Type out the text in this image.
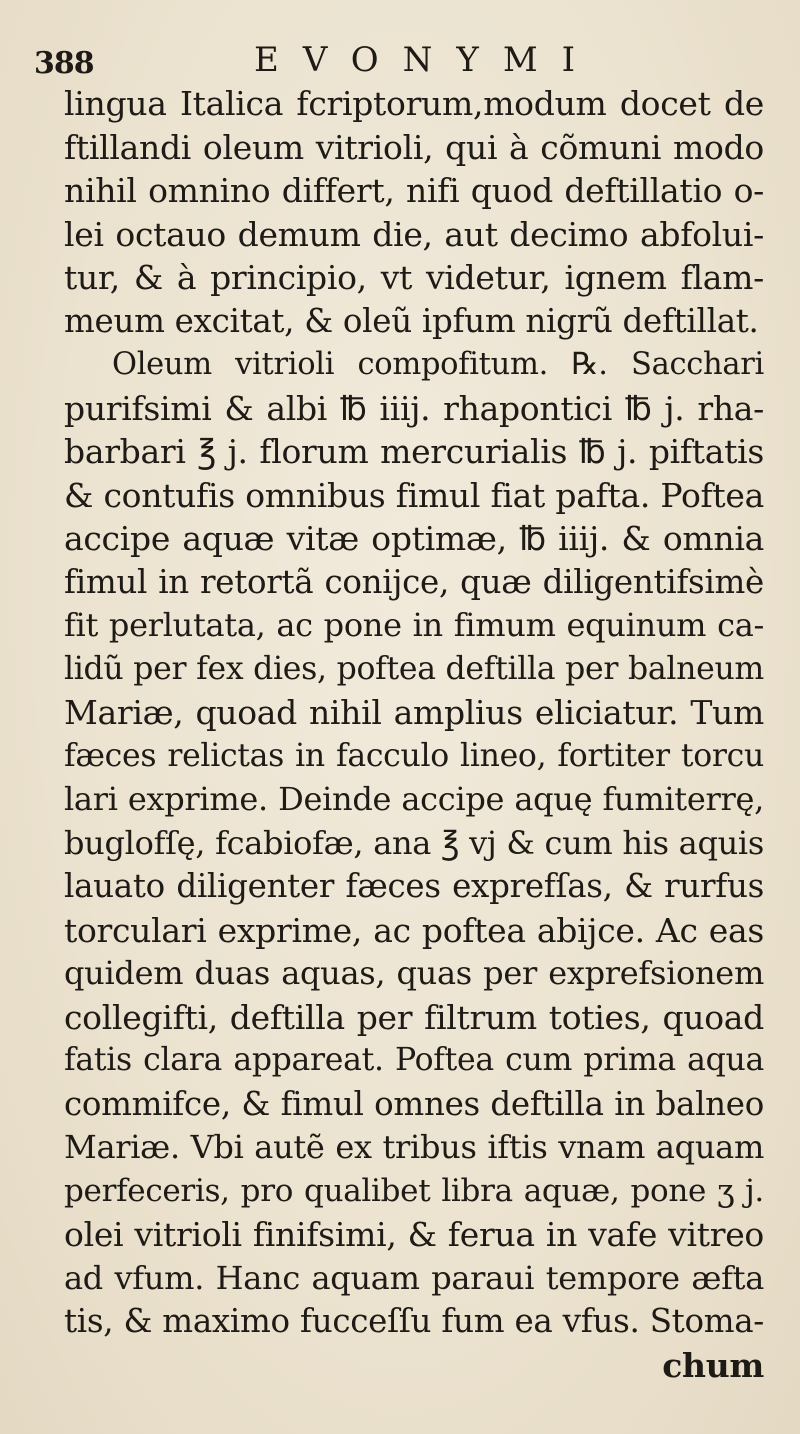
388	EVONYMI
lingua Italica fcriptorum,modum docet de
ftillandi oleum vitrioli, qui à cõmuni modo
nihil omnino differt, nifi quod deftillatio o-
lei octauo demum die, aut decimo abfolui-
tur, & à principio, vt videtur, ignem flam-
meum excitat, & oleũ ipfum nigrũ deftillat.
Oleum vitrioli compofitum. ℞. Sacchari
purifsimi & albi ℔ iiij. rhapontici ℔ j. rha-
barbari ℥ j. florum mercurialis ℔ j. piftatis
& contufis omnibus fimul fiat pafta. Poftea
accipe aquæ vitæ optimæ, ℔ iiij. & omnia
fimul in retortã conijce, quæ diligentifsimè
fit perlutata, ac pone in fimum equinum ca-
lidũ per fex dies, poftea deftilla per balneum
Mariæ, quoad nihil amplius eliciatur. Tum
fæces relictas in facculo lineo, fortiter torcu
lari exprime. Deinde accipe aquę fumiterrę,
buglofſę, fcabiofæ, ana ℥ vj & cum his aquis
lauato diligenter fæces exprefſas, & rurfus
torculari exprime, ac poftea abijce. Ac eas
quidem duas aquas, quas per exprefsionem
collegifti, deftilla per filtrum toties, quoad
fatis clara appareat. Poftea cum prima aqua
commifce, & fimul omnes deftilla in balneo
Mariæ. Vbi autẽ ex tribus iftis vnam aquam
perfeceris, pro qualibet libra aquæ, pone ʒ j.
olei vitrioli finifsimi, & ferua in vafe vitreo
ad vfum. Hanc aquam paraui tempore æfta
tis, & maximo fucceſſu fum ea vfus. Stoma-
chum
